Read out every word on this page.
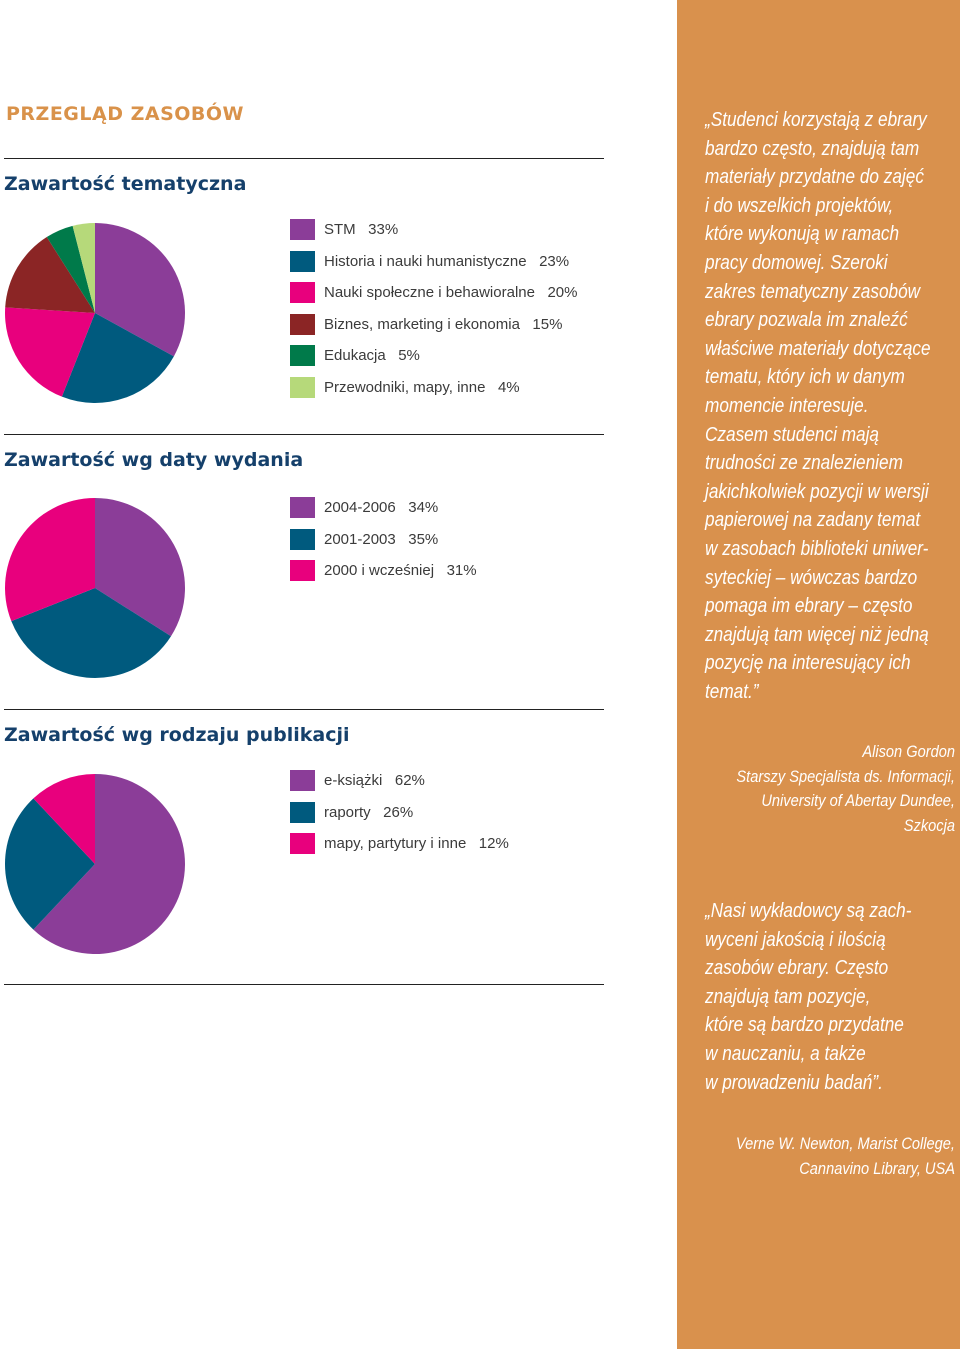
PRZEGLĄD ZASOBÓW
Zawartość tematyczna
STM   33%
Historia i nauki humanistyczne   23%
Nauki społeczne i behawioralne   20%
Biznes, marketing i ekonomia   15%
Edukacja   5%
Przewodniki, mapy, inne   4%
Zawartość wg daty wydania
2004-2006   34%
2001-2003   35%
2000 i wcześniej   31%
Zawartość wg rodzaju publikacji
e-książki   62%
raporty   26%
mapy, partytury i inne   12%
„Studenci korzystają z ebrary
bardzo często, znajdują tam
materiały przydatne do zajęć
i do wszelkich projektów,
które wykonują w ramach
pracy domowej. Szeroki
zakres tematyczny zasobów
ebrary pozwala im znaleźć
właściwe materiały dotyczące
tematu, który ich w danym
momencie interesuje.
Czasem studenci mają
trudności ze znalezieniem
jakichkolwiek pozycji w wersji
papierowej na zadany temat
w zasobach biblioteki uniwer-
syteckiej – wówczas bardzo
pomaga im ebrary – często
znajdują tam więcej niż jedną
pozycję na interesujący ich
temat.”
Alison Gordon
Starszy Specjalista ds. Informacji,
University of Abertay Dundee,
Szkocja
„Nasi wykładowcy są zach-
wyceni jakością i ilością
zasobów ebrary. Często
znajdują tam pozycje,
które są bardzo przydatne
w nauczaniu, a także
w prowadzeniu badań”.
Verne W. Newton, Marist College,
Cannavino Library, USA
